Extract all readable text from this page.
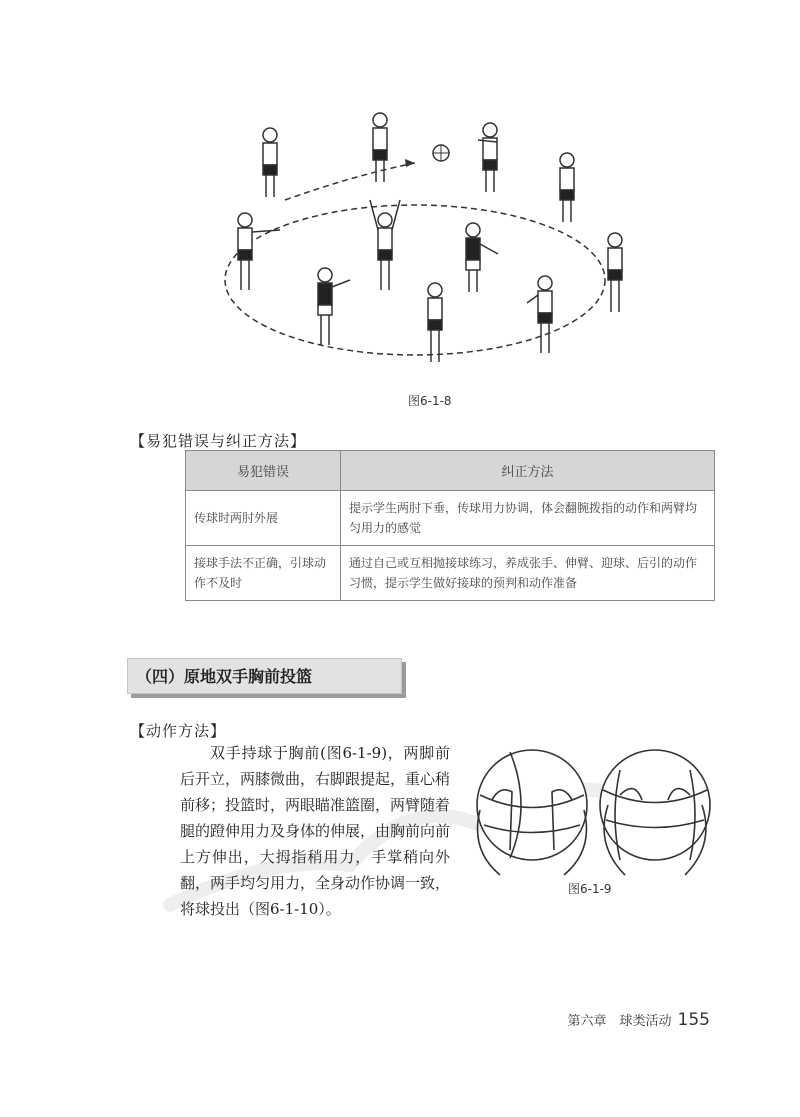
图6-1-8
【易犯错误与纠正方法】
易犯错误	纠正方法
传球时两肘外展	提示学生两肘下垂，传球用力协调，体会翻腕拨指的动作和两臂均匀用力的感觉
接球手法不正确，引球动作不及时	通过自己或互相抛接球练习，养成张手、伸臂、迎球、后引的动作习惯，提示学生做好接球的预判和动作准备
（四）原地双手胸前投篮
【动作方法】
双手持球于胸前(图6-1-9)，两脚前后开立，两膝微曲，右脚跟提起，重心稍前移；投篮时，两眼瞄准篮圈，两臂随着腿的蹬伸用力及身体的伸展，由胸前向前上方伸出，大拇指稍用力，手掌稍向外翻，两手均匀用力，全身动作协调一致，将球投出（图6-1-10）。
图6-1-9
第六章　球类活动 155
